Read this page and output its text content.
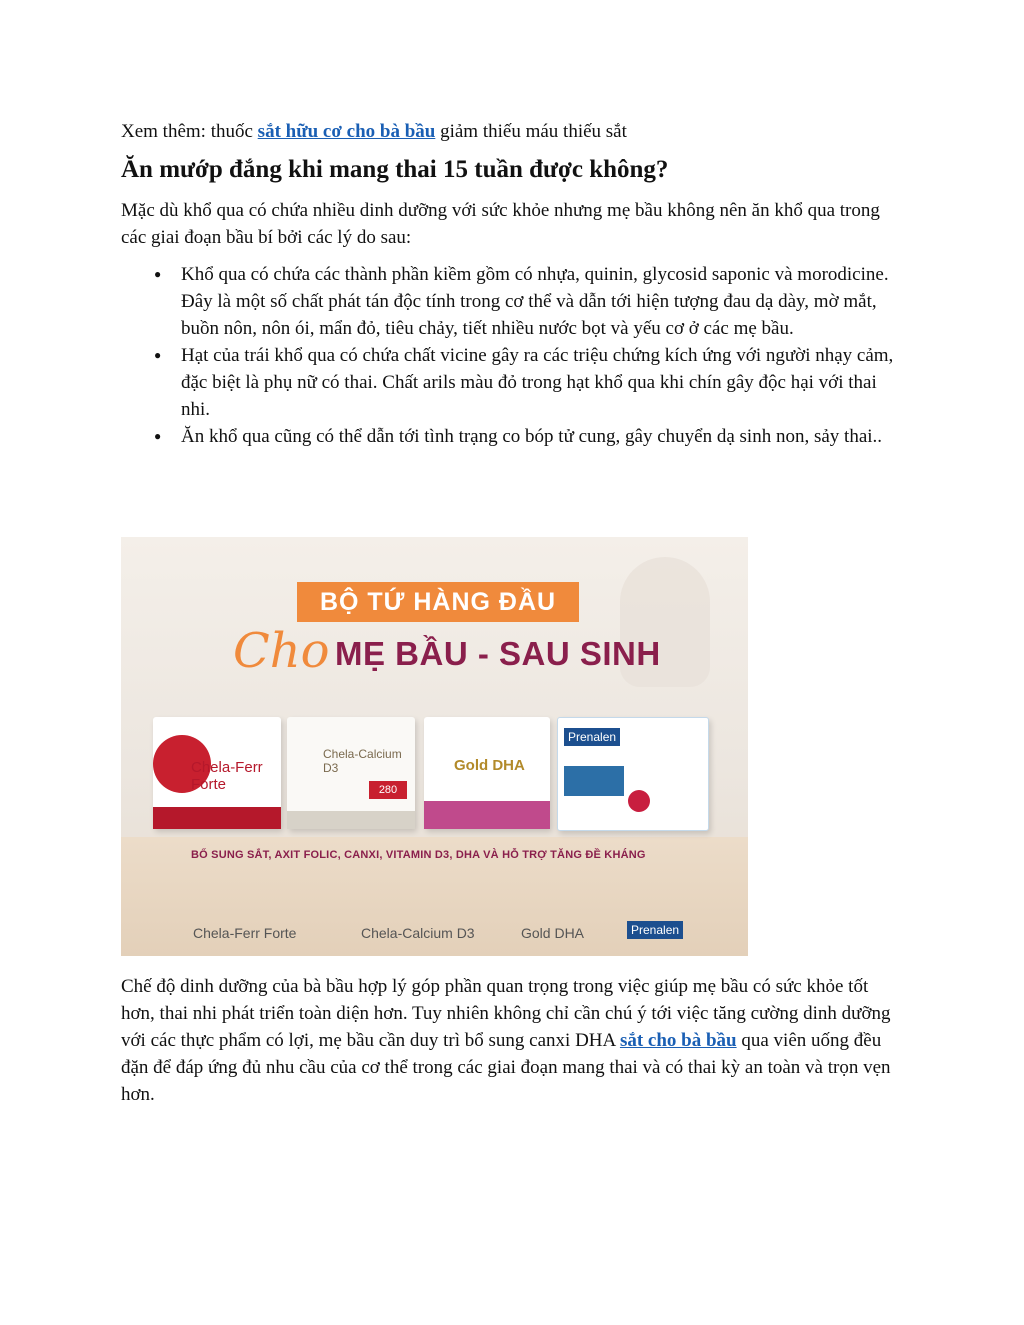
Xem thêm: thuốc sắt hữu cơ cho bà bầu giảm thiếu máu thiếu sắt

Ăn mướp đắng khi mang thai 15 tuần được không?

Mặc dù khổ qua có chứa nhiều dinh dưỡng với sức khỏe nhưng mẹ bầu không nên ăn khổ qua trong các giai đoạn bầu bí bởi các lý do sau:

● Khổ qua có chứa các thành phần kiềm gồm có nhựa, quinin, glycosid saponic và morodicine. Đây là một số chất phát tán độc tính trong cơ thể và dẫn tới hiện tượng đau dạ dày, mờ mắt, buồn nôn, nôn ói, mẩn đỏ, tiêu chảy, tiết nhiều nước bọt và yếu cơ ở các mẹ bầu.
● Hạt của trái khổ qua có chứa chất vicine gây ra các triệu chứng kích ứng với người nhạy cảm, đặc biệt là phụ nữ có thai. Chất arils màu đỏ trong hạt khổ qua khi chín gây độc hại với thai nhi.
● Ăn khổ qua cũng có thể dẫn tới tình trạng co bóp tử cung, gây chuyển dạ sinh non, sảy thai..
BỘ TỨ HÀNG ĐẦU
Cho MẸ BẦU - SAU SINH
Chela-Ferr Forte
Chela-Calcium D3
280
Gold DHA
Prenalen
BỔ SUNG SẮT, AXIT FOLIC, CANXI, VITAMIN D3, DHA VÀ HỖ TRỢ TĂNG ĐỀ KHÁNG
Chela-Ferr Forte	Chela-Calcium D3	Gold DHA	Prenalen

Chế độ dinh dưỡng của bà bầu hợp lý góp phần quan trọng trong việc giúp mẹ bầu có sức khỏe tốt hơn, thai nhi phát triển toàn diện hơn. Tuy nhiên không chỉ cần chú ý tới việc tăng cường dinh dưỡng với các thực phẩm có lợi, mẹ bầu cần duy trì bổ sung canxi DHA sắt cho bà bầu qua viên uống đều đặn để đáp ứng đủ nhu cầu của cơ thể trong các giai đoạn mang thai và có thai kỳ an toàn và trọn vẹn hơn.
